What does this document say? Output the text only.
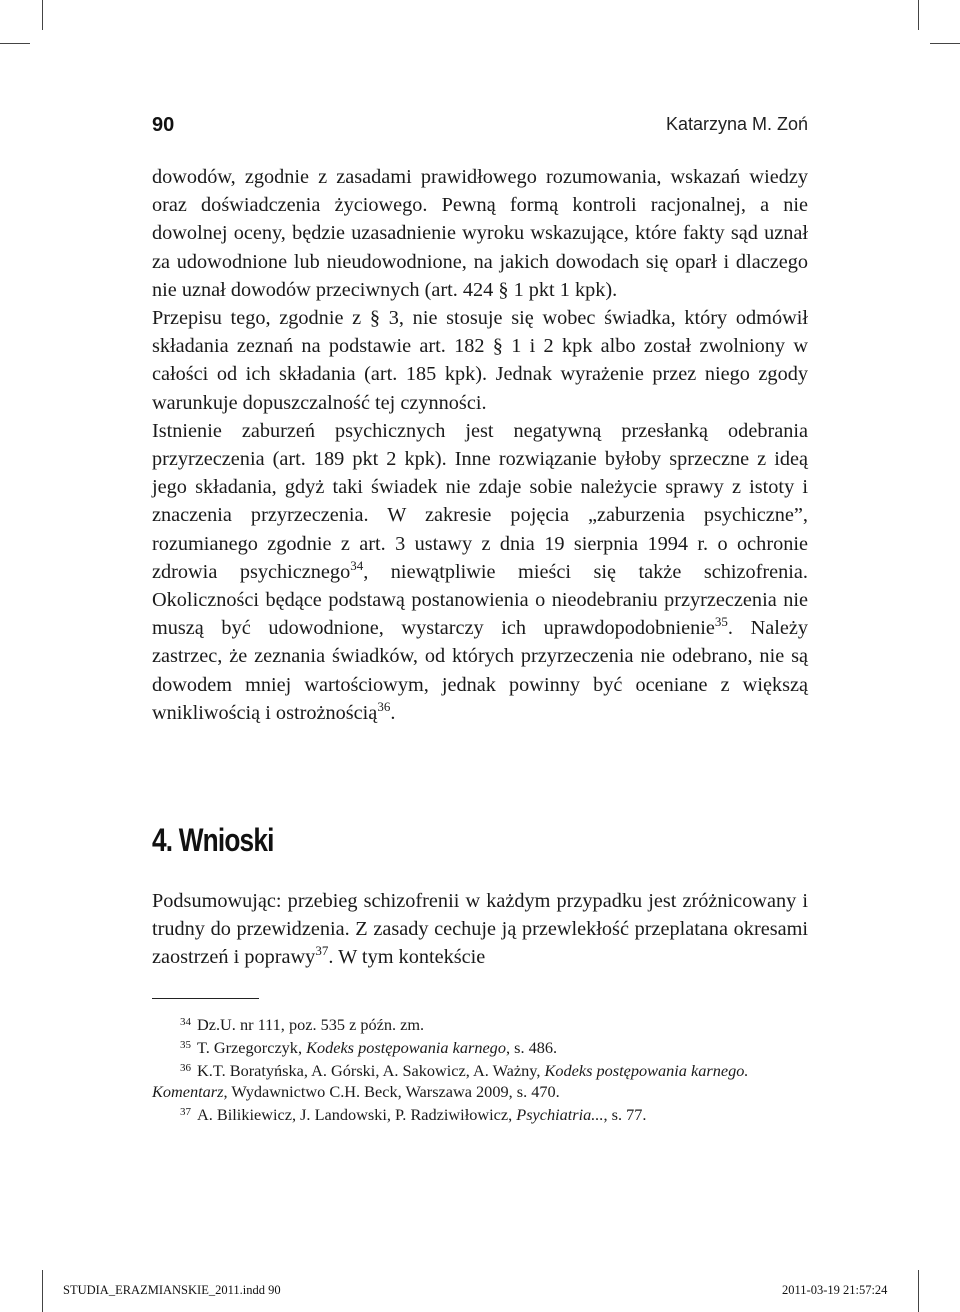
90	Katarzyna M. Zoń

dowodów, zgodnie z zasadami prawidłowego rozumowania, wskazań wiedzy oraz doświadczenia życiowego. Pewną formą kontroli racjonalnej, a nie dowolnej oceny, będzie uzasadnienie wyroku wskazujące, które fakty sąd uznał za udowodnione lub nieudowodnione, na jakich dowodach się oparł i dlaczego nie uznał dowodów przeciwnych (art. 424 § 1 pkt 1 kpk).

Przepisu tego, zgodnie z § 3, nie stosuje się wobec świadka, który odmówił składania zeznań na podstawie art. 182 § 1 i 2 kpk albo został zwolniony w całości od ich składania (art. 185 kpk). Jednak wyrażenie przez niego zgody warunkuje dopuszczalność tej czynności.

Istnienie zaburzeń psychicznych jest negatywną przesłanką odebrania przyrzeczenia (art. 189 pkt 2 kpk). Inne rozwiązanie byłoby sprzeczne z ideą jego składania, gdyż taki świadek nie zdaje sobie należycie sprawy z istoty i znaczenia przyrzeczenia. W zakresie pojęcia „zaburzenia psychiczne”, rozumianego zgodnie z art. 3 ustawy z dnia 19 sierpnia 1994 r. o ochronie zdrowia psychicznego$^{34}$, niewątpliwie mieści się także schizofrenia. Okoliczności będące podstawą postanowienia o nieodebraniu przyrzeczenia nie muszą być udowodnione, wystarczy ich uprawdopodobnienie$^{35}$. Należy zastrzec, że zeznania świadków, od których przyrzeczenia nie odebrano, nie są dowodem mniej wartościowym, jednak powinny być oceniane z większą wnikliwością i ostrożnością$^{36}$.

4. Wnioski

Podsumowując: przebieg schizofrenii w każdym przypadku jest zróżnicowany i trudny do przewidzenia. Z zasady cechuje ją przewlekłość przeplatana okresami zaostrzeń i poprawy$^{37}$. W tym kontekście

$^{34}$ Dz.U. nr 111, poz. 535 z późn. zm.

$^{35}$ T. Grzegorczyk, Kodeks postępowania karnego, s. 486.

$^{36}$ K.T. Boratyńska, A. Górski, A. Sakowicz, A. Ważny, Kodeks postępowania karnego. Komentarz, Wydawnictwo C.H. Beck, Warszawa 2009, s. 470.

$^{37}$ A. Bilikiewicz, J. Landowski, P. Radziwiłowicz, Psychiatria..., s. 77.

STUDIA_ERAZMIANSKIE_2011.indd 90	2011-03-19 21:57:24
